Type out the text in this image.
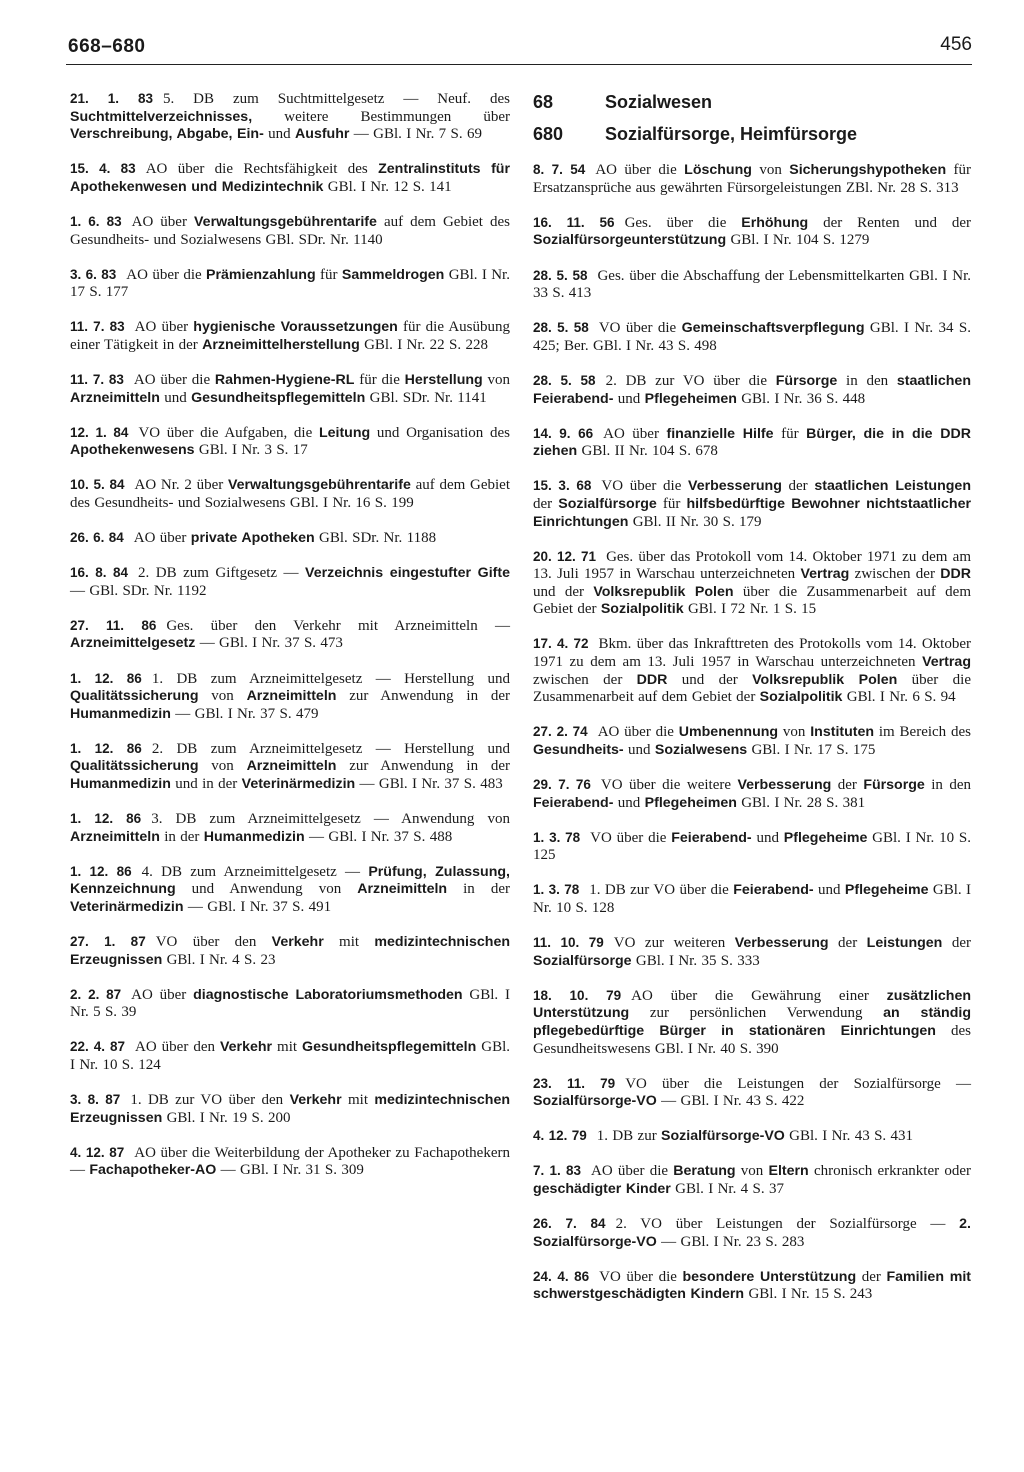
668–680	456

21. 1. 83 5. DB zum Suchtmittelgesetz — Neuf. des Suchtmittelverzeichnisses, weitere Bestimmungen über Verschreibung, Abgabe, Ein- und Ausfuhr — GBl. I Nr. 7 S. 69

15. 4. 83 AO über die Rechtsfähigkeit des Zentralinstituts für Apothekenwesen und Medizintechnik GBl. I Nr. 12 S. 141

1. 6. 83 AO über Verwaltungsgebührentarife auf dem Gebiet des Gesundheits- und Sozialwesens GBl. SDr. Nr. 1140

3. 6. 83 AO über die Prämienzahlung für Sammeldrogen GBl. I Nr. 17 S. 177

11. 7. 83 AO über hygienische Voraussetzungen für die Ausübung einer Tätigkeit in der Arzneimittelherstellung GBl. I Nr. 22 S. 228

11. 7. 83 AO über die Rahmen-Hygiene-RL für die Herstellung von Arzneimitteln und Gesundheitspflegemitteln GBl. SDr. Nr. 1141

12. 1. 84 VO über die Aufgaben, die Leitung und Organisation des Apothekenwesens GBl. I Nr. 3 S. 17

10. 5. 84 AO Nr. 2 über Verwaltungsgebührentarife auf dem Gebiet des Gesundheits- und Sozialwesens GBl. I Nr. 16 S. 199

26. 6. 84 AO über private Apotheken GBl. SDr. Nr. 1188

16. 8. 84 2. DB zum Giftgesetz — Verzeichnis eingestufter Gifte — GBl. SDr. Nr. 1192

27. 11. 86 Ges. über den Verkehr mit Arzneimitteln — Arzneimittelgesetz — GBl. I Nr. 37 S. 473

1. 12. 86 1. DB zum Arzneimittelgesetz — Herstellung und Qualitätssicherung von Arzneimitteln zur Anwendung in der Humanmedizin — GBl. I Nr. 37 S. 479

1. 12. 86 2. DB zum Arzneimittelgesetz — Herstellung und Qualitätssicherung von Arzneimitteln zur Anwendung in der Humanmedizin und in der Veterinärmedizin — GBl. I Nr. 37 S. 483

1. 12. 86 3. DB zum Arzneimittelgesetz — Anwendung von Arzneimitteln in der Humanmedizin — GBl. I Nr. 37 S. 488

1. 12. 86 4. DB zum Arzneimittelgesetz — Prüfung, Zulassung, Kennzeichnung und Anwendung von Arzneimitteln in der Veterinärmedizin — GBl. I Nr. 37 S. 491

27. 1. 87 VO über den Verkehr mit medizintechnischen Erzeugnissen GBl. I Nr. 4 S. 23

2. 2. 87 AO über diagnostische Laboratoriumsmethoden GBl. I Nr. 5 S. 39

22. 4. 87 AO über den Verkehr mit Gesundheitspflegemitteln GBl. I Nr. 10 S. 124

3. 8. 87 1. DB zur VO über den Verkehr mit medizintechnischen Erzeugnissen GBl. I Nr. 19 S. 200

4. 12. 87 AO über die Weiterbildung der Apotheker zu Fachapothekern — Fachapotheker-AO — GBl. I Nr. 31 S. 309

68	Sozialwesen
680	Sozialfürsorge, Heimfürsorge

8. 7. 54 AO über die Löschung von Sicherungshypotheken für Ersatzansprüche aus gewährten Fürsorgeleistungen ZBl. Nr. 28 S. 313

16. 11. 56 Ges. über die Erhöhung der Renten und der Sozialfürsorgeunterstützung GBl. I Nr. 104 S. 1279

28. 5. 58 Ges. über die Abschaffung der Lebensmittelkarten GBl. I Nr. 33 S. 413

28. 5. 58 VO über die Gemeinschaftsverpflegung GBl. I Nr. 34 S. 425; Ber. GBl. I Nr. 43 S. 498

28. 5. 58 2. DB zur VO über die Fürsorge in den staatlichen Feierabend- und Pflegeheimen GBl. I Nr. 36 S. 448

14. 9. 66 AO über finanzielle Hilfe für Bürger, die in die DDR ziehen GBl. II Nr. 104 S. 678

15. 3. 68 VO über die Verbesserung der staatlichen Leistungen der Sozialfürsorge für hilfsbedürftige Bewohner nichtstaatlicher Einrichtungen GBl. II Nr. 30 S. 179

20. 12. 71 Ges. über das Protokoll vom 14. Oktober 1971 zu dem am 13. Juli 1957 in Warschau unterzeichneten Vertrag zwischen der DDR und der Volksrepublik Polen über die Zusammenarbeit auf dem Gebiet der Sozialpolitik GBl. I 72 Nr. 1 S. 15

17. 4. 72 Bkm. über das Inkrafttreten des Protokolls vom 14. Oktober 1971 zu dem am 13. Juli 1957 in Warschau unterzeichneten Vertrag zwischen der DDR und der Volksrepublik Polen über die Zusammenarbeit auf dem Gebiet der Sozialpolitik GBl. I Nr. 6 S. 94

27. 2. 74 AO über die Umbenennung von Instituten im Bereich des Gesundheits- und Sozialwesens GBl. I Nr. 17 S. 175

29. 7. 76 VO über die weitere Verbesserung der Fürsorge in den Feierabend- und Pflegeheimen GBl. I Nr. 28 S. 381

1. 3. 78 VO über die Feierabend- und Pflegeheime GBl. I Nr. 10 S. 125

1. 3. 78 1. DB zur VO über die Feierabend- und Pflegeheime GBl. I Nr. 10 S. 128

11. 10. 79 VO zur weiteren Verbesserung der Leistungen der Sozialfürsorge GBl. I Nr. 35 S. 333

18. 10. 79 AO über die Gewährung einer zusätzlichen Unterstützung zur persönlichen Verwendung an ständig pflegebedürftige Bürger in stationären Einrichtungen des Gesundheitswesens GBl. I Nr. 40 S. 390

23. 11. 79 VO über die Leistungen der Sozialfürsorge — Sozialfürsorge-VO — GBl. I Nr. 43 S. 422

4. 12. 79 1. DB zur Sozialfürsorge-VO GBl. I Nr. 43 S. 431

7. 1. 83 AO über die Beratung von Eltern chronisch erkrankter oder geschädigter Kinder GBl. I Nr. 4 S. 37

26. 7. 84 2. VO über Leistungen der Sozialfürsorge — 2. Sozialfürsorge-VO — GBl. I Nr. 23 S. 283

24. 4. 86 VO über die besondere Unterstützung der Familien mit schwerstgeschädigten Kindern GBl. I Nr. 15 S. 243
